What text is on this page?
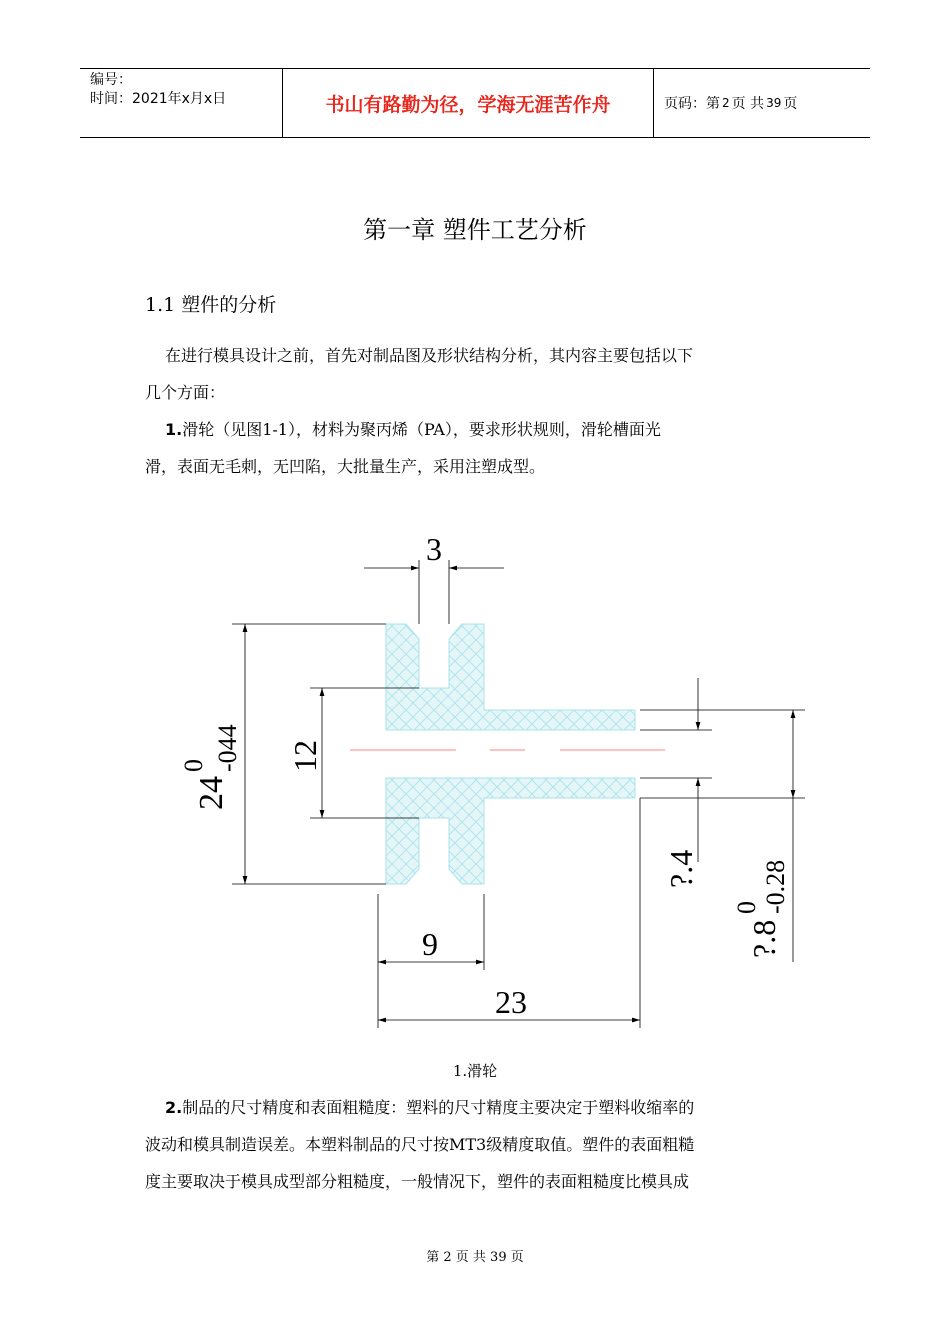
编号：
时间：2021年x月x日	书山有路勤为径，学海无涯苦作舟	页码：第 2 页 共 39 页
第一章 塑件工艺分析
1.1 塑件的分析
在进行模具设计之前，首先对制品图及形状结构分析，其内容主要包括以下
几个方面：
1.滑轮（见图1-1），材料为聚丙烯（PA），要求形状规则，滑轮槽面光
滑，表面无毛刺，无凹陷，大批量生产，采用注塑成型。
3
24
0 -044 12
?.4
?.8
0 -0.28
9
23
1.滑轮
2.制品的尺寸精度和表面粗糙度：塑料的尺寸精度主要决定于塑料收缩率的
波动和模具制造误差。本塑料制品的尺寸按MT3级精度取值。塑件的表面粗糙
度主要取决于模具成型部分粗糙度，一般情况下，塑件的表面粗糙度比模具成
第 2 页 共 39 页
